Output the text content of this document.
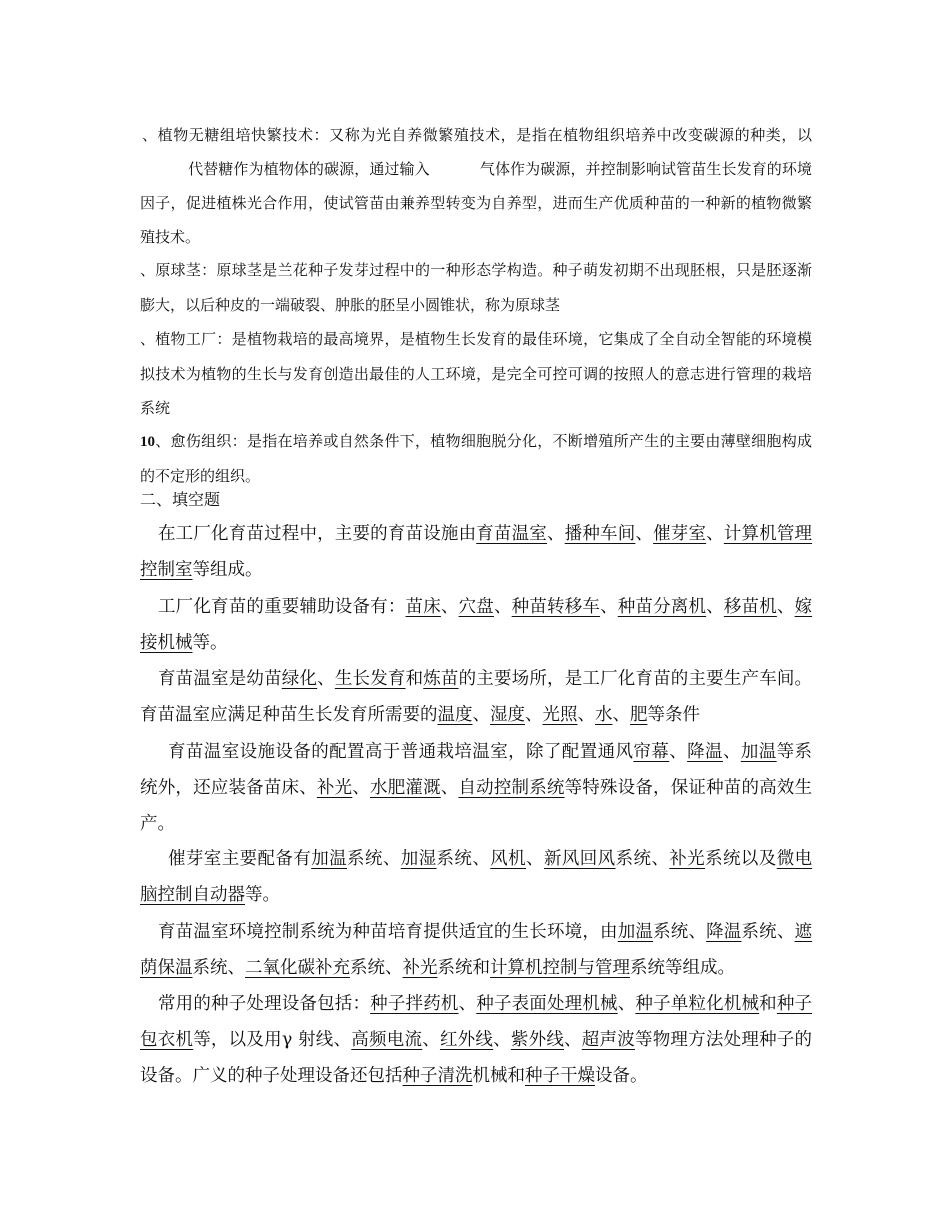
、植物无糖组培快繁技术：又称为光自养微繁殖技术，是指在植物组织培养中改变碳源的种类，以代替糖作为植物体的碳源，通过输入	气体作为碳源，并控制影响试管苗生长发育的环境因子，促进植株光合作用，使试管苗由兼养型转变为自养型，进而生产优质种苗的一种新的植物微繁殖技术。
、原球茎：原球茎是兰花种子发芽过程中的一种形态学构造。种子萌发初期不出现胚根，只是胚逐渐膨大，以后种皮的一端破裂、肿胀的胚呈小圆锥状，称为原球茎
、植物工厂：是植物栽培的最高境界，是植物生长发育的最佳环境，它集成了全自动全智能的环境模拟技术为植物的生长与发育创造出最佳的人工环境，是完全可控可调的按照人的意志进行管理的栽培系统
10、愈伤组织：是指在培养或自然条件下，植物细胞脱分化，不断增殖所产生的主要由薄壁细胞构成的不定形的组织。
二、填空题
在工厂化育苗过程中，主要的育苗设施由育苗温室、播种车间、催芽室、计算机管理控制室等组成。
工厂化育苗的重要辅助设备有：苗床、穴盘、种苗转移车、种苗分离机、移苗机、嫁接机械等。
育苗温室是幼苗绿化、生长发育和炼苗的主要场所，是工厂化育苗的主要生产车间。育苗温室应满足种苗生长发育所需要的温度、湿度、光照、水、肥等条件
育苗温室设施设备的配置高于普通栽培温室，除了配置通风帘幕、降温、加温等系统外，还应装备苗床、补光、水肥灌溉、自动控制系统等特殊设备，保证种苗的高效生产。
催芽室主要配备有加温系统、加湿系统、风机、新风回风系统、补光系统以及微电脑控制自动器等。
育苗温室环境控制系统为种苗培育提供适宜的生长环境，由加温系统、降温系统、遮荫保温系统、二氧化碳补充系统、补光系统和计算机控制与管理系统等组成。
常用的种子处理设备包括：种子拌药机、种子表面处理机械、种子单粒化机械和种子包衣机等，以及用γ 射线、高频电流、红外线、紫外线、超声波等物理方法处理种子的设备。广义的种子处理设备还包括种子清洗机械和种子干燥设备。
